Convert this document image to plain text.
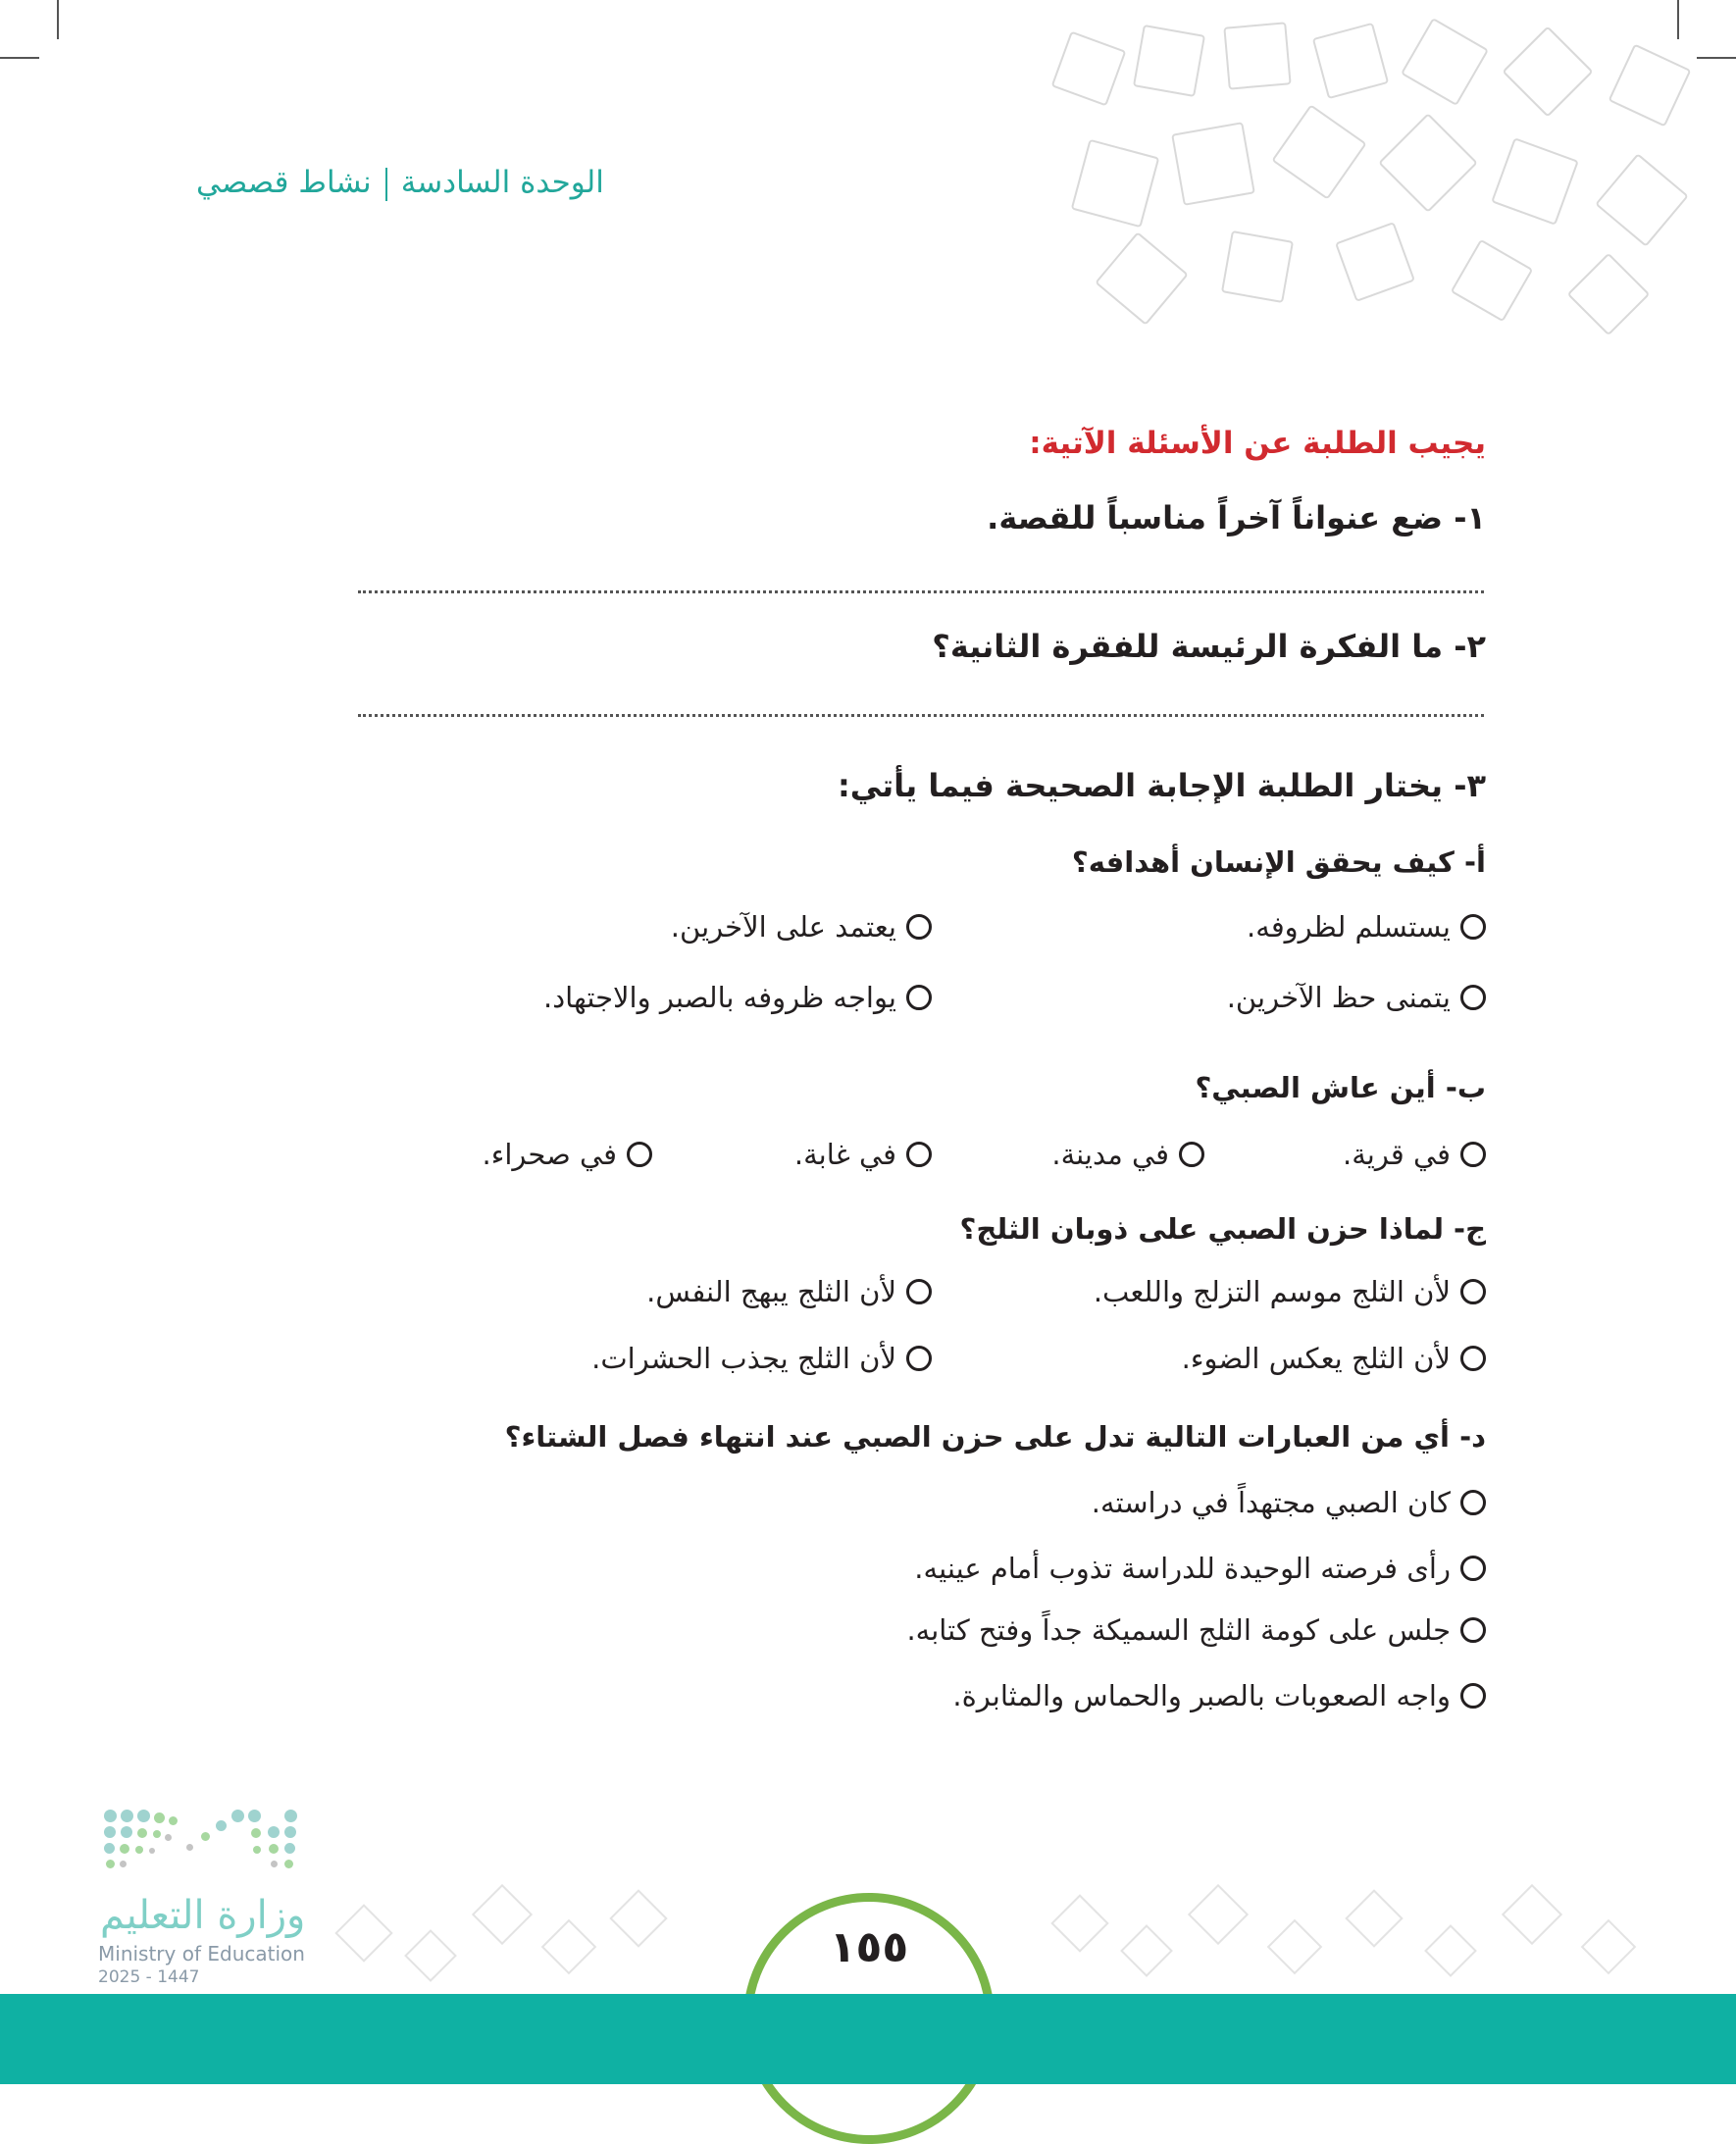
الوحدة السادسةنشاط قصصي
يجيب الطلبة عن الأسئلة الآتية:
١- ضع عنواناً آخراً مناسباً للقصة.
٢- ما الفكرة الرئيسة للفقرة الثانية؟
٣- يختار الطلبة الإجابة الصحيحة فيما يأتي:
أ- كيف يحقق الإنسان أهدافه؟
يستسلم لظروفه.
يعتمد على الآخرين.
يتمنى حظ الآخرين.
يواجه ظروفه بالصبر والاجتهاد.
ب- أين عاش الصبي؟
في قرية.
في مدينة.
في غابة.
في صحراء.
ج- لماذا حزن الصبي على ذوبان الثلج؟
لأن الثلج موسم التزلج واللعب.
لأن الثلج يبهج النفس.
لأن الثلج يعكس الضوء.
لأن الثلج يجذب الحشرات.
د- أي من العبارات التالية تدل على حزن الصبي عند انتهاء فصل الشتاء؟
كان الصبي مجتهداً في دراسته.
رأى فرصته الوحيدة للدراسة تذوب أمام عينيه.
جلس على كومة الثلج السميكة جداً وفتح كتابه.
واجه الصعوبات بالصبر والحماس والمثابرة.
وزارة التعليم
Ministry of Education
2025 - 1447
١٥٥
